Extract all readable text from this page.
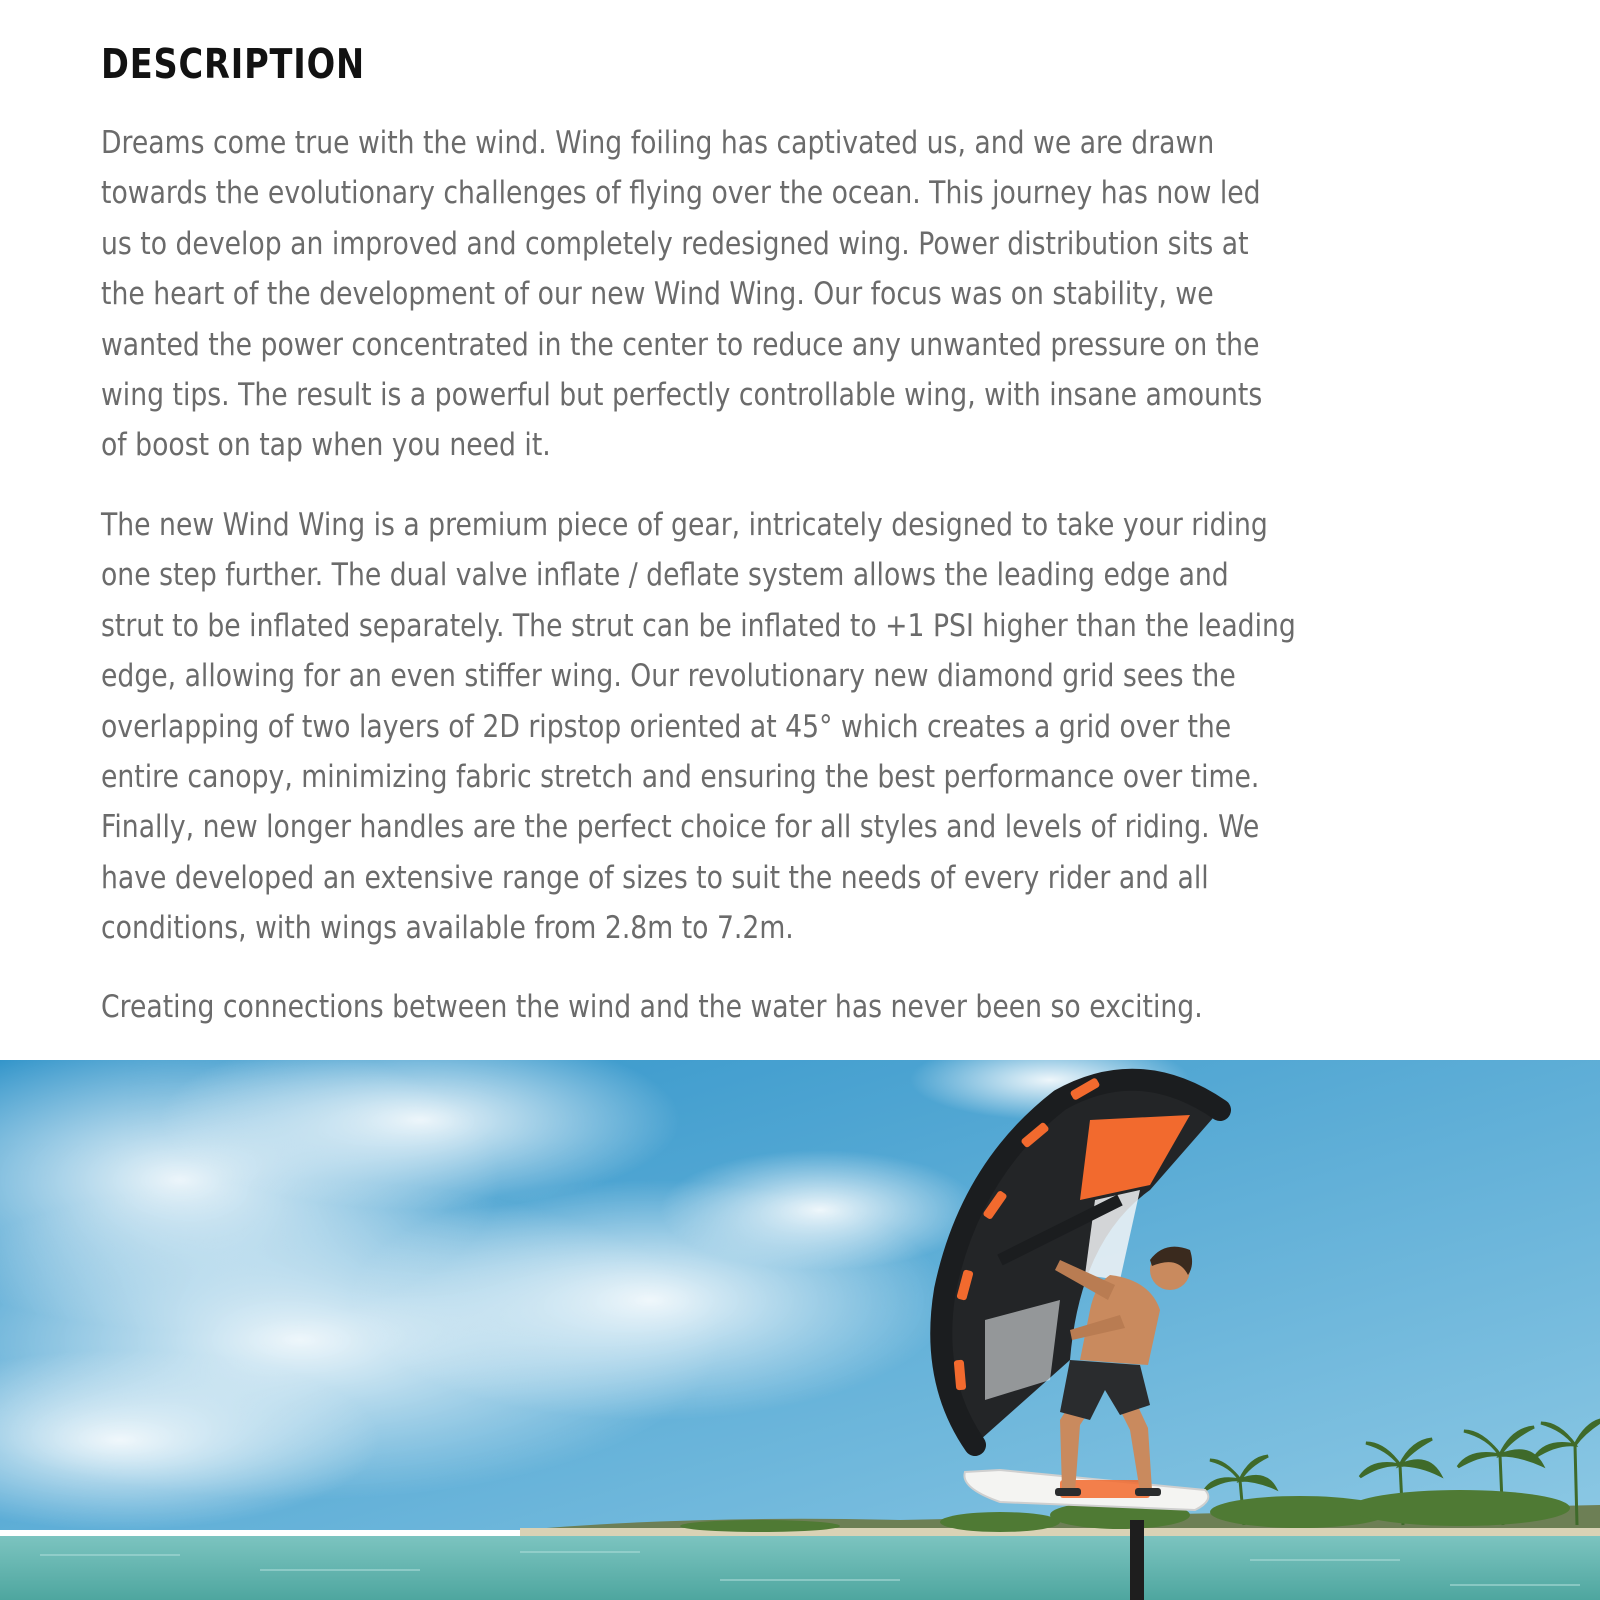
DESCRIPTION

Dreams come true with the wind. Wing foiling has captivated us, and we are drawn
towards the evolutionary challenges of flying over the ocean. This journey has now led
us to develop an improved and completely redesigned wing. Power distribution sits at
the heart of the development of our new Wind Wing. Our focus was on stability, we
wanted the power concentrated in the center to reduce any unwanted pressure on the
wing tips. The result is a powerful but perfectly controllable wing, with insane amounts
of boost on tap when you need it.

The new Wind Wing is a premium piece of gear, intricately designed to take your riding
one step further. The dual valve inflate / deflate system allows the leading edge and
strut to be inflated separately. The strut can be inflated to +1 PSI higher than the leading
edge, allowing for an even stiffer wing. Our revolutionary new diamond grid sees the
overlapping of two layers of 2D ripstop oriented at 45° which creates a grid over the
entire canopy, minimizing fabric stretch and ensuring the best performance over time.
Finally, new longer handles are the perfect choice for all styles and levels of riding. We
have developed an extensive range of sizes to suit the needs of every rider and all
conditions, with wings available from 2.8m to 7.2m.

Creating connections between the wind and the water has never been so exciting.
